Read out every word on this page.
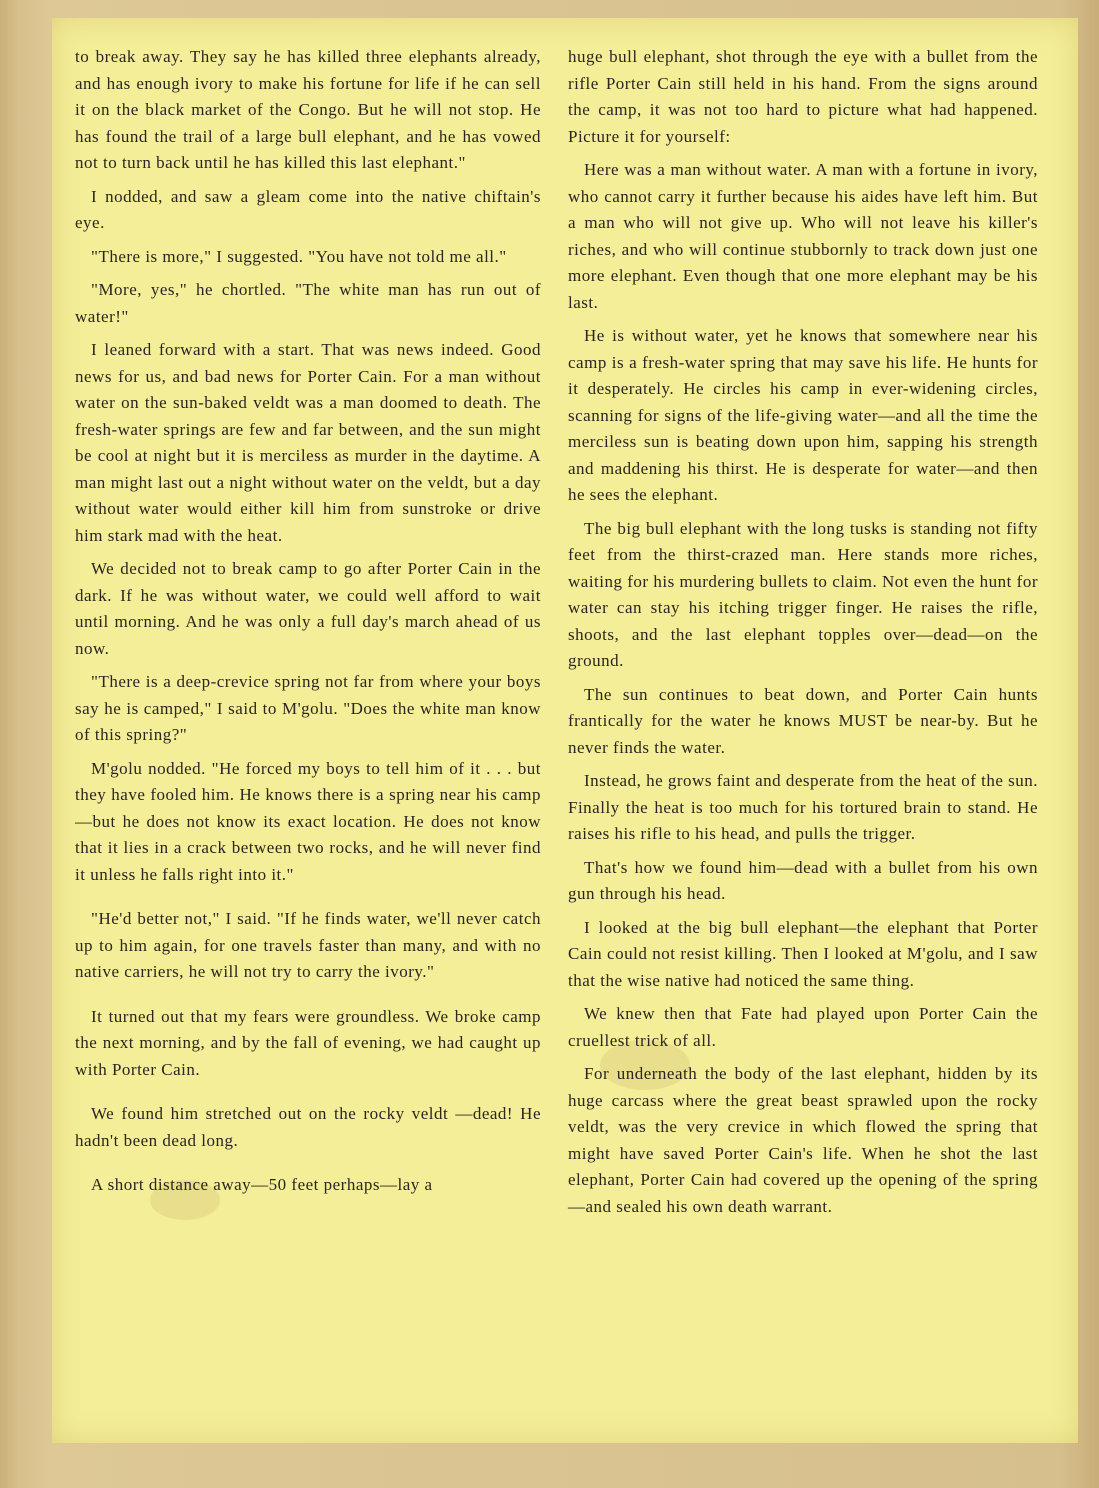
to break away. They say he has killed three elephants already, and has enough ivory to make his fortune for life if he can sell it on the black market of the Congo. But he will not stop. He has found the trail of a large bull elephant, and he has vowed not to turn back until he has killed this last elephant."

I nodded, and saw a gleam come into the native chiftain's eye.

"There is more," I suggested. "You have not told me all."

"More, yes," he chortled. "The white man has run out of water!"

I leaned forward with a start. That was news indeed. Good news for us, and bad news for Porter Cain. For a man without water on the sun-baked veldt was a man doomed to death. The fresh-water springs are few and far between, and the sun might be cool at night but it is merciless as murder in the daytime. A man might last out a night without water on the veldt, but a day without water would either kill him from sunstroke or drive him stark mad with the heat.

We decided not to break camp to go after Porter Cain in the dark. If he was without water, we could well afford to wait until morning. And he was only a full day's march ahead of us now.

"There is a deep-crevice spring not far from where your boys say he is camped," I said to M'golu. "Does the white man know of this spring?"

M'golu nodded. "He forced my boys to tell him of it . . . but they have fooled him. He knows there is a spring near his camp—but he does not know its exact location. He does not know that it lies in a crack between two rocks, and he will never find it unless he falls right into it."

"He'd better not," I said. "If he finds water, we'll never catch up to him again, for one travels faster than many, and with no native carriers, he will not try to carry the ivory."

It turned out that my fears were groundless. We broke camp the next morning, and by the fall of evening, we had caught up with Porter Cain.

We found him stretched out on the rocky veldt —dead! He hadn't been dead long.

A short distance away—50 feet perhaps—lay a

huge bull elephant, shot through the eye with a bullet from the rifle Porter Cain still held in his hand. From the signs around the camp, it was not too hard to picture what had happened. Picture it for yourself:

Here was a man without water. A man with a fortune in ivory, who cannot carry it further because his aides have left him. But a man who will not give up. Who will not leave his killer's riches, and who will continue stubbornly to track down just one more elephant. Even though that one more elephant may be his last.

He is without water, yet he knows that somewhere near his camp is a fresh-water spring that may save his life. He hunts for it desperately. He circles his camp in ever-widening circles, scanning for signs of the life-giving water—and all the time the merciless sun is beating down upon him, sapping his strength and maddening his thirst. He is desperate for water—and then he sees the elephant.

The big bull elephant with the long tusks is standing not fifty feet from the thirst-crazed man. Here stands more riches, waiting for his murdering bullets to claim. Not even the hunt for water can stay his itching trigger finger. He raises the rifle, shoots, and the last elephant topples over—dead—on the ground.

The sun continues to beat down, and Porter Cain hunts frantically for the water he knows MUST be near-by. But he never finds the water.

Instead, he grows faint and desperate from the heat of the sun. Finally the heat is too much for his tortured brain to stand. He raises his rifle to his head, and pulls the trigger.

That's how we found him—dead with a bullet from his own gun through his head.

I looked at the big bull elephant—the elephant that Porter Cain could not resist killing. Then I looked at M'golu, and I saw that the wise native had noticed the same thing.

We knew then that Fate had played upon Porter Cain the cruellest trick of all.

For underneath the body of the last elephant, hidden by its huge carcass where the great beast sprawled upon the rocky veldt, was the very crevice in which flowed the spring that might have saved Porter Cain's life. When he shot the last elephant, Porter Cain had covered up the opening of the spring—and sealed his own death warrant.
